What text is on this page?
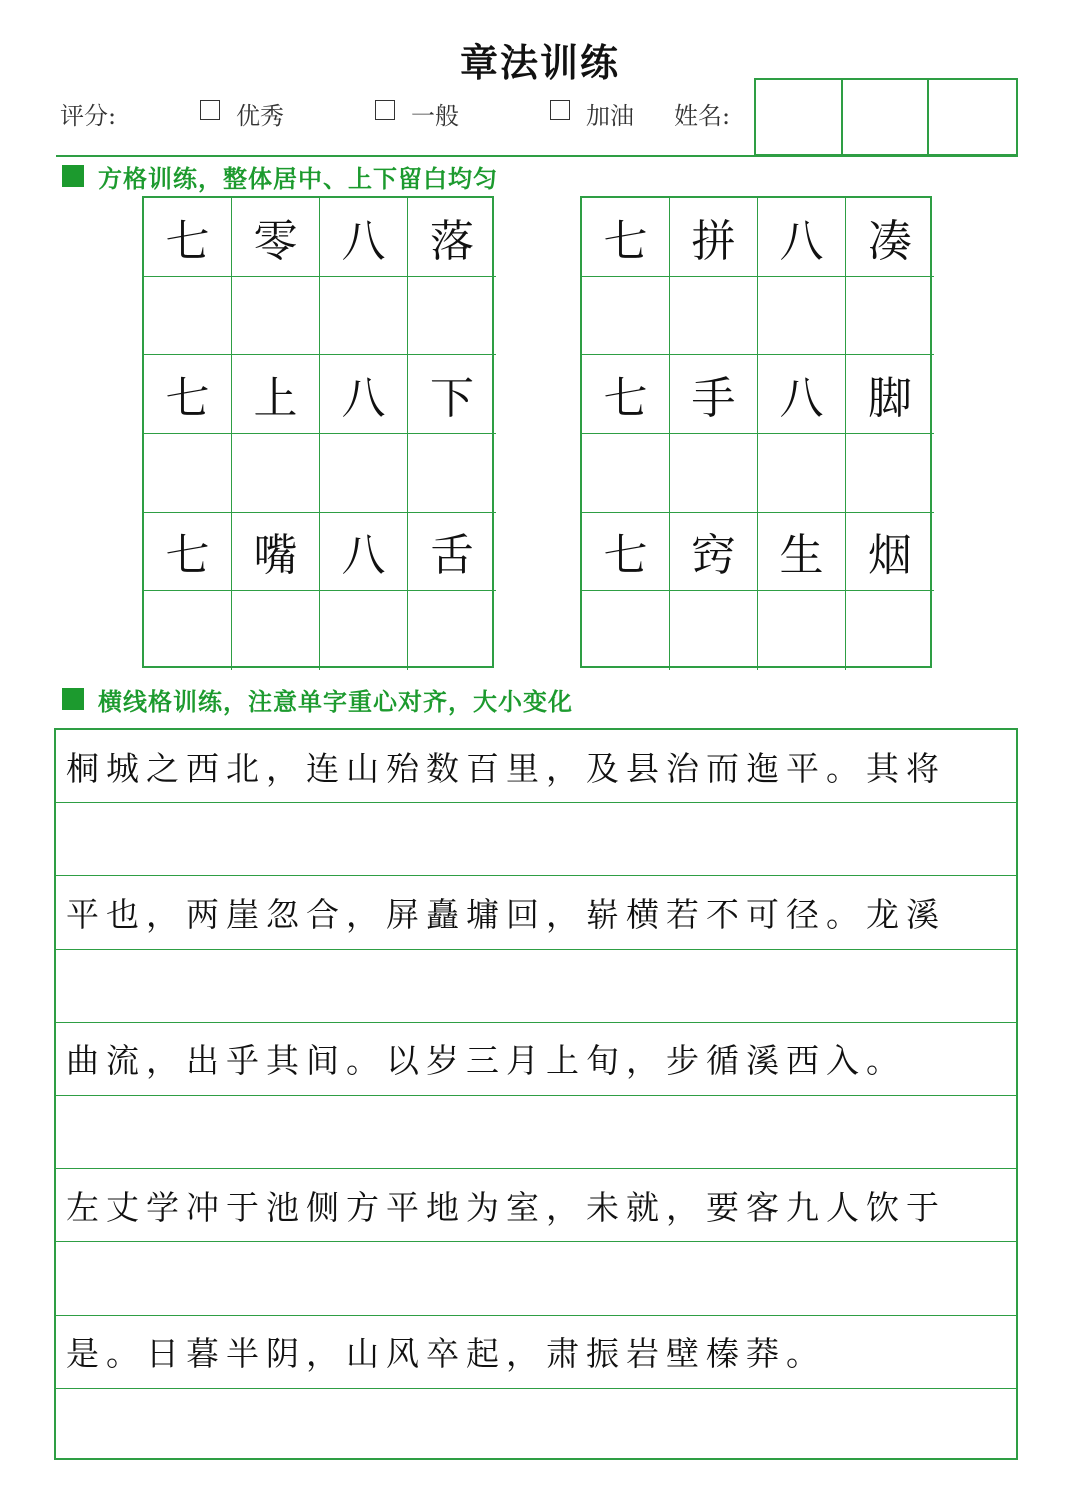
章法训练
评分:	优秀	一般	加油 姓名:
方格训练，整体居中、上下留白均匀
七	零	八	落
七	上	八	下
七	嘴	八	舌
七	拼	八	凑
七	手	八	脚
七	窍	生	烟
横线格训练，注意单字重心对齐，大小变化
桐城之西北，连山殆数百里，及县治而迤平。其将
平也，两崖忽合，屏矗墉回，崭横若不可径。龙溪
曲流，出乎其间。以岁三月上旬，步循溪西入。
左丈学冲于池侧方平地为室，未就，要客九人饮于
是。日暮半阴，山风卒起，肃振岩壁榛莽。
